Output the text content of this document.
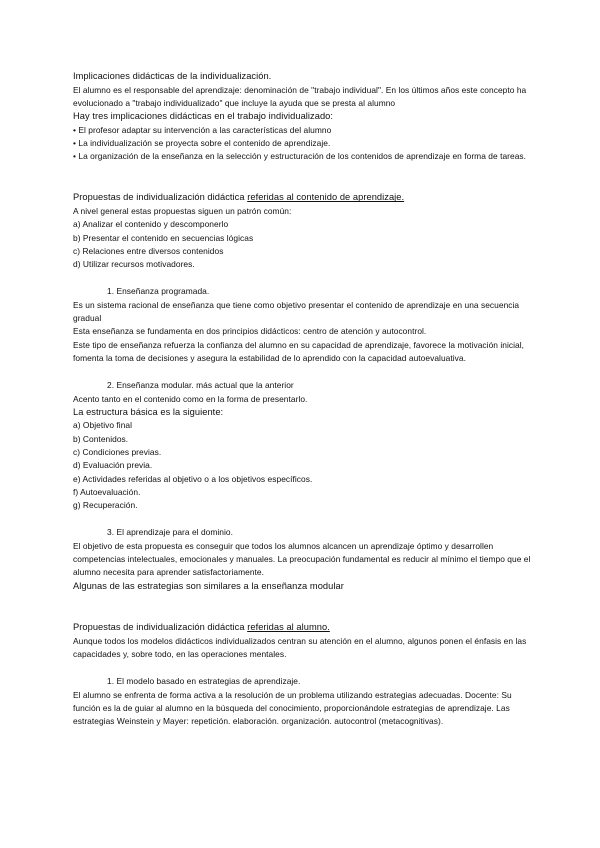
Implicaciones didácticas de la individualización.
El alumno es el responsable del aprendizaje: denominación de "trabajo individual". En los últimos años este concepto ha evolucionado a "trabajo individualizado" que incluye la ayuda que se presta al alumno
Hay tres implicaciones didácticas en el trabajo individualizado:
• El profesor adaptar su intervención a las características del alumno
• La individualización se proyecta sobre el contenido de aprendizaje.
• La organización de la enseñanza en la selección y estructuración de los contenidos de aprendizaje en forma de tareas.
Propuestas de individualización didáctica referidas al contenido de aprendizaje.
A nivel general estas propuestas siguen un patrón común:
a) Analizar el contenido y descomponerlo
b) Presentar el contenido en secuencias lógicas
c) Relaciones entre diversos contenidos
d) Utilizar recursos motivadores.
1. Enseñanza programada.
Es un sistema racional de enseñanza que tiene como objetivo presentar el contenido de aprendizaje en una secuencia gradual
Esta enseñanza se fundamenta en dos principios didácticos: centro de atención y autocontrol.
Este tipo de enseñanza refuerza la confianza del alumno en su capacidad de aprendizaje, favorece la motivación inicial, fomenta la toma de decisiones y asegura la estabilidad de lo aprendido con la capacidad autoevaluativa.
2. Enseñanza modular. más actual que la anterior
Acento tanto en el contenido como en la forma de presentarlo.
La estructura básica es la siguiente:
a) Objetivo final
b) Contenidos.
c) Condiciones previas.
d) Evaluación previa.
e) Actividades referidas al objetivo o a los objetivos específicos.
f) Autoevaluación.
g) Recuperación.
3. El aprendizaje para el dominio.
El objetivo de esta propuesta es conseguir que todos los alumnos alcancen un aprendizaje óptimo y desarrollen competencias intelectuales, emocionales y manuales. La preocupación fundamental es reducir al mínimo el tiempo que el alumno necesita para aprender satisfactoriamente.
Algunas de las estrategias son similares a la enseñanza modular
Propuestas de individualización didáctica referidas al alumno.
Aunque todos los modelos didácticos individualizados centran su atención en el alumno, algunos ponen el énfasis en las capacidades y, sobre todo, en las operaciones mentales.
1. El modelo basado en estrategias de aprendizaje.
El alumno se enfrenta de forma activa a la resolución de un problema utilizando estrategias adecuadas. Docente: Su función es la de guiar al alumno en la búsqueda del conocimiento, proporcionándole estrategias de aprendizaje. Las estrategias Weinstein y Mayer: repetición. elaboración. organización. autocontrol (metacognitivas).
